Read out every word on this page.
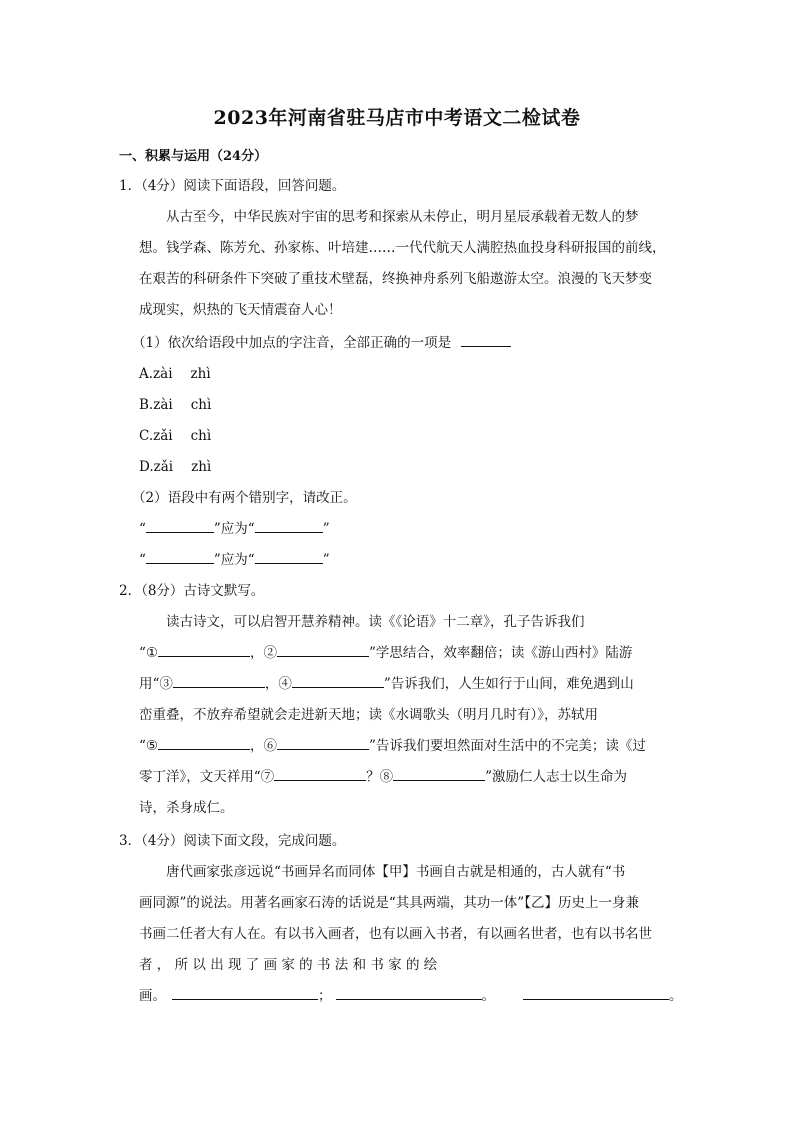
2023年河南省驻马店市中考语文二检试卷
一、积累与运用（24分）
1．（4分）阅读下面语段，回答问题。
从古至今，中华民族对宇宙的思考和探索从未停止，明月星辰承载着无数人的梦
想。钱学森、陈芳允、孙家栋、叶培建……一代代航天人满腔热血投身科研报国的前线，
在艰苦的科研条件下突破了重技术壁磊，终换神舟系列飞船遨游太空。浪漫的飞天梦变
成现实，炽热的飞天情震奋人心！
（1）依次给语段中加点的字注音，全部正确的一项是
A.zài zhì
B.zài chì
C.zǎi chì
D.zǎi zhì
（2）语段中有两个错别字，请改正。
“	”应为“	”
“	”应为“	”
2．（8分）古诗文默写。
读古诗文，可以启智开慧养精神。读《《论语》十二章》，孔子告诉我们
“①	，②	”学思结合，效率翻倍；读《游山西村》陆游
用“③	，④	”告诉我们，人生如行于山间，难免遇到山
峦重叠，不放弃希望就会走进新天地；读《水调歌头（明月几时有）》，苏轼用
“⑤	，⑥	”告诉我们要坦然面对生活中的不完美；读《过
零丁洋》，文天祥用“⑦	？⑧	”激励仁人志士以生命为
诗，杀身成仁。
3．（4分）阅读下面文段，完成问题。
唐代画家张彦远说“书画异名而同体【甲】书画自古就是相通的，古人就有“书
画同源”的说法。用著名画家石涛的话说是“其具两端，其功一体”【乙】历史上一身兼
书画二任者大有人在。有以书入画者，也有以画入书者，有以画名世者，也有以书名世
者 ， 所 以 出 现 了 画 家 的 书 法 和 书 家 的 绘
画。	；	。	。
